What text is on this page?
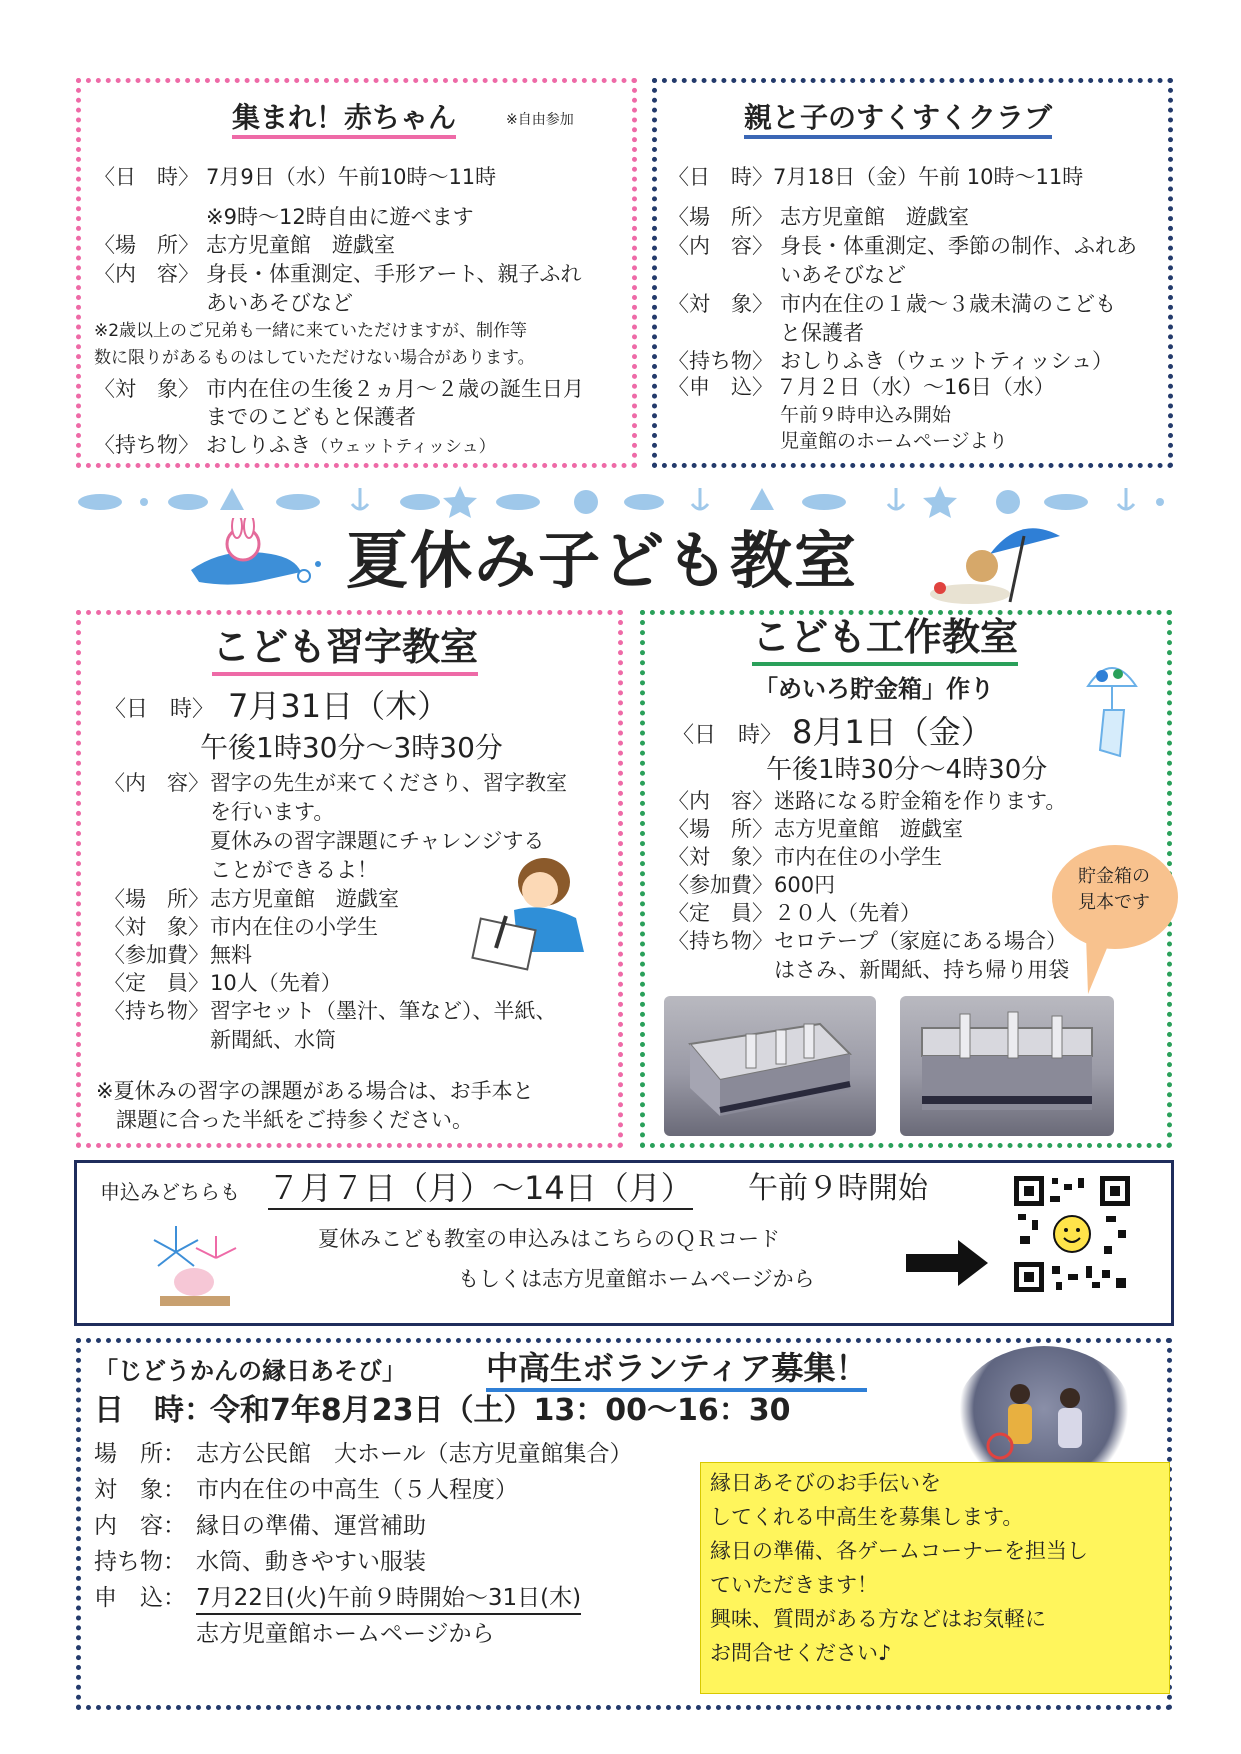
集まれ！赤ちゃん	※自由参加
〈日　時〉 7月9日（水）午前10時〜11時
※9時〜12時自由に遊べます
〈場　所〉 志方児童館　遊戯室
〈内　容〉 身長・体重測定、手形アート、親子ふれ
あいあそびなど
※2歳以上のご兄弟も一緒に来ていただけますが、制作等
数に限りがあるものはしていただけない場合があります。
〈対　象〉 市内在住の生後２ヵ月〜２歳の誕生日月
までのこどもと保護者
〈持ち物〉 おしりふき（ウェットティッシュ）
親と子のすくすくクラブ
〈日　時〉7月18日（金）午前 10時〜11時
〈場　所〉 志方児童館　遊戯室
〈内　容〉 身長・体重測定、季節の制作、ふれあ
いあそびなど
〈対　象〉 市内在住の１歳〜３歳未満のこども
と保護者
〈持ち物〉 おしりふき（ウェットティッシュ）
〈申　込〉 ７月２日（水）〜16日（水）
午前９時申込み開始
児童館のホームページより
夏休み子ども教室
こども習字教室
〈日　時〉 7月31日（木）
午後1時30分〜3時30分
〈内　容〉 習字の先生が来てくださり、習字教室
を行います。
夏休みの習字課題にチャレンジする
ことができるよ！
〈場　所〉 志方児童館　遊戯室
〈対　象〉 市内在住の小学生
〈参加費〉 無料
〈定　員〉 10人（先着）
〈持ち物〉 習字セット（墨汁、筆など）、半紙、
新聞紙、水筒
※夏休みの習字の課題がある場合は、お手本と
課題に合った半紙をご持参ください。
こども工作教室
「めいろ貯金箱」作り
〈日　時〉 8月1日（金）
午後1時30分〜4時30分
〈内　容〉 迷路になる貯金箱を作ります。
〈場　所〉 志方児童館　遊戯室
〈対　象〉 市内在住の小学生
〈参加費〉 600円
〈定　員〉 ２０人（先着）
〈持ち物〉 セロテープ（家庭にある場合）
はさみ、新聞紙、持ち帰り用袋
貯金箱の
見本です
申込みどちらも ７月７日（月）〜14日（月） 午前９時開始
夏休みこども教室の申込みはこちらのＱＲコード
もしくは志方児童館ホームページから
「じどうかんの縁日あそび」	中高生ボランティア募集！
日　時：
令和7年8月23日（土）13：00〜16：30
場　所： 志方公民館　大ホール（志方児童館集合）
対　象： 市内在住の中高生（５人程度）
内　容： 縁日の準備、運営補助
持ち物： 水筒、動きやすい服装
申　込： 7月22日(火)午前９時開始〜31日(木)
志方児童館ホームページから
縁日あそびのお手伝いを
してくれる中高生を募集します。
縁日の準備、各ゲームコーナーを担当し
ていただきます！
興味、質問がある方などはお気軽に
お問合せください♪
